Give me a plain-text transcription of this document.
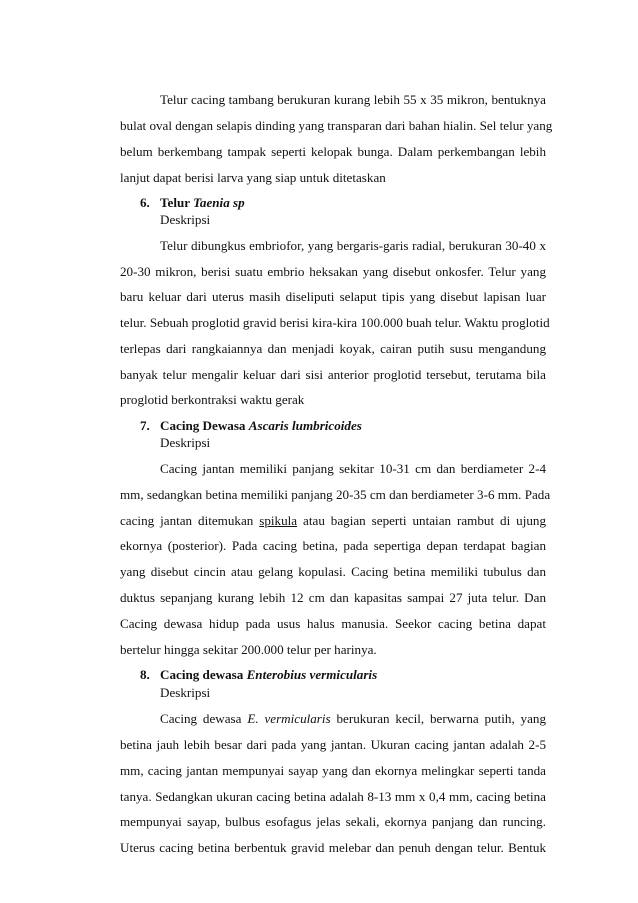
Telur cacing tambang berukuran kurang lebih 55 x 35 mikron, bentuknya
bulat oval dengan selapis dinding yang transparan dari bahan hialin. Sel telur yang
belum berkembang tampak seperti kelopak bunga. Dalam perkembangan lebih
lanjut dapat berisi larva yang siap untuk ditetaskan
6. Telur Taenia sp
Deskripsi
Telur dibungkus embriofor, yang bergaris-garis radial, berukuran 30-40 x
20-30 mikron, berisi suatu embrio heksakan yang disebut onkosfer. Telur yang
baru keluar dari uterus masih diseliputi selaput tipis yang disebut lapisan luar
telur. Sebuah proglotid gravid berisi kira-kira 100.000 buah telur. Waktu proglotid
terlepas dari rangkaiannya dan menjadi koyak, cairan putih susu mengandung
banyak telur mengalir keluar dari sisi anterior proglotid tersebut, terutama bila
proglotid berkontraksi waktu gerak
7. Cacing Dewasa Ascaris lumbricoides
Deskripsi
Cacing jantan memiliki panjang sekitar 10-31 cm dan berdiameter 2-4
mm, sedangkan betina memiliki panjang 20-35 cm dan berdiameter 3-6 mm. Pada
cacing jantan ditemukan spikula atau bagian seperti untaian rambut di ujung
ekornya (posterior). Pada cacing betina, pada sepertiga depan terdapat bagian
yang disebut cincin atau gelang kopulasi. Cacing betina memiliki tubulus dan
duktus sepanjang kurang lebih 12 cm dan kapasitas sampai 27 juta telur. Dan
Cacing dewasa hidup pada usus halus manusia. Seekor cacing betina dapat
bertelur hingga sekitar 200.000 telur per harinya.
8. Cacing dewasa Enterobius vermicularis
Deskripsi
Cacing dewasa E. vermicularis berukuran kecil, berwarna putih, yang
betina jauh lebih besar dari pada yang jantan. Ukuran cacing jantan adalah 2-5
mm, cacing jantan mempunyai sayap yang dan ekornya melingkar seperti tanda
tanya. Sedangkan ukuran cacing betina adalah 8-13 mm x 0,4 mm, cacing betina
mempunyai sayap, bulbus esofagus jelas sekali, ekornya panjang dan runcing.
Uterus cacing betina berbentuk gravid melebar dan penuh dengan telur. Bentuk
